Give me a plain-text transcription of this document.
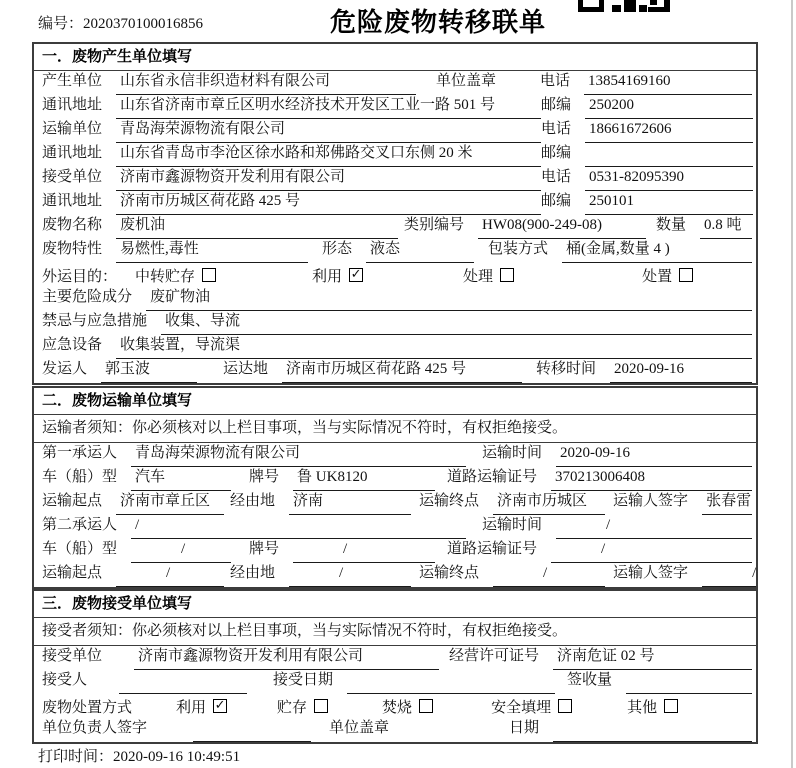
编号：2020370100016856	危险废物转移联单
一．废物产生单位填写
产生单位	山东省永信非织造材料有限公司	单位盖章	电话	13854169160
通讯地址	山东省济南市章丘区明水经济技术开发区工业一路 501 号	邮编	250200
运输单位	青岛海荣源物流有限公司	电话	18661672606
通讯地址	山东省青岛市李沧区徐水路和郑佛路交叉口东侧 20 米	邮编
接受单位	济南市鑫源物资开发利用有限公司	电话	0531-82095390
通讯地址	济南市历城区荷花路 425 号	邮编	250101
废物名称	废机油	类别编号	HW08(900-249-08)	数量	0.8 吨
废物特性	易燃性,毒性	形态	液态	包装方式	桶(金属,数量 4 )
外运目的：	中转贮存	利用 ✓	处理	处置
主要危险成分	废矿物油
禁忌与应急措施	收集、导流
应急设备	收集装置，导流渠
发运人	郭玉波	运达地	济南市历城区荷花路 425 号	转移时间	2020-09-16
二．废物运输单位填写
运输者须知：你必须核对以上栏目事项，当与实际情况不符时，有权拒绝接受。
第一承运人	青岛海荣源物流有限公司	运输时间	2020-09-16
车（船）型	汽车	牌号	鲁 UK8120	道路运输证号	370213006408
运输起点	济南市章丘区	经由地	济南	运输终点	济南市历城区	运输人签字	张春雷
第二承运人	/	运输时间	/
车（船）型	/	牌号	/	道路运输证号	/
运输起点	/	经由地	/	运输终点	/	运输人签字	/
三．废物接受单位填写
接受者须知：你必须核对以上栏目事项，当与实际情况不符时，有权拒绝接受。
接受单位	济南市鑫源物资开发利用有限公司	经营许可证号	济南危证 02 号
接受人	接受日期	签收量
废物处置方式	利用 ✓	贮存	焚烧	安全填埋	其他
单位负责人签字	单位盖章	日期
打印时间：2020-09-16 10:49:51
